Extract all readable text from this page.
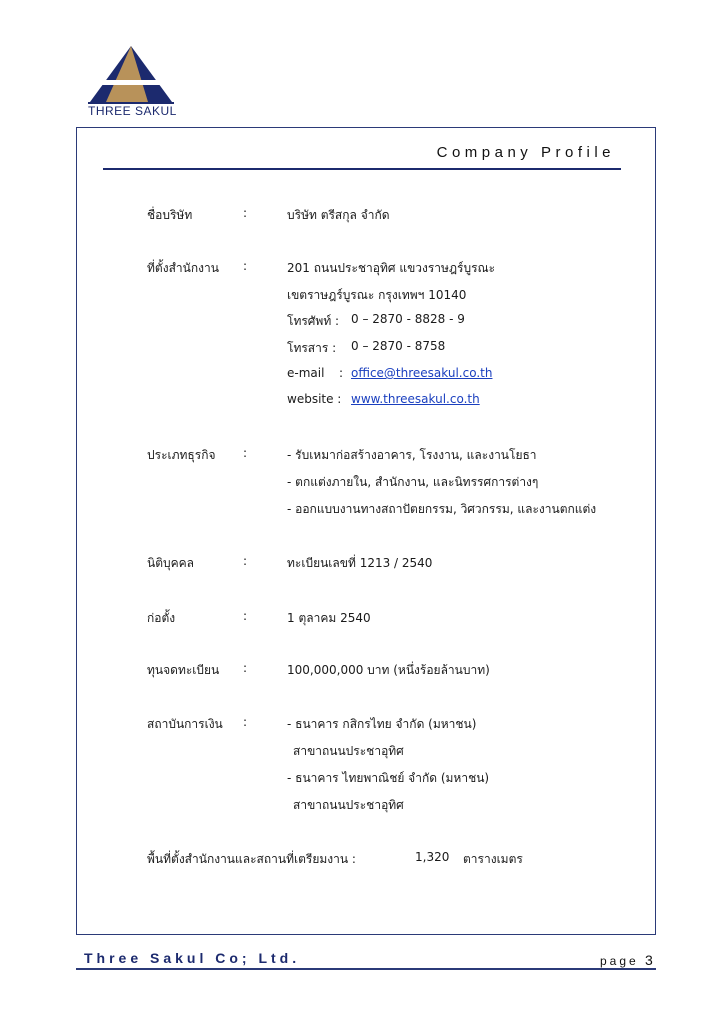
THREE SAKUL
Company Profile
ชื่อบริษัท	:	บริษัท ตรีสกุล จำกัด
ที่ตั้งสำนักงาน :	201 ถนนประชาอุทิศ แขวงราษฎร์บูรณะ
เขตราษฎร์บูรณะ กรุงเทพฯ 10140
โทรศัพท์ : 0 – 2870 - 8828 - 9
โทรสาร : 0 – 2870 - 8758
e-mail : office@threesakul.co.th
website : www.threesakul.co.th
ประเภทธุรกิจ :	- รับเหมาก่อสร้างอาคาร, โรงงาน, และงานโยธา
- ตกแต่งภายใน, สำนักงาน, และนิทรรศการต่างๆ
- ออกแบบงานทางสถาปัตยกรรม, วิศวกรรม, และงานตกแต่ง
นิติบุคคล	:	ทะเบียนเลขที่ 1213 / 2540
ก่อตั้ง	:	1 ตุลาคม 2540
ทุนจดทะเบียน :	100,000,000 บาท (หนึ่งร้อยล้านบาท)
สถาบันการเงิน :	- ธนาคาร กสิกรไทย จำกัด (มหาชน)
สาขาถนนประชาอุทิศ
- ธนาคาร ไทยพาณิชย์ จำกัด (มหาชน)
สาขาถนนประชาอุทิศ
พื้นที่ตั้งสำนักงานและสถานที่เตรียมงาน :	1,320 ตารางเมตร
Three Sakul Co; Ltd.	page 3
